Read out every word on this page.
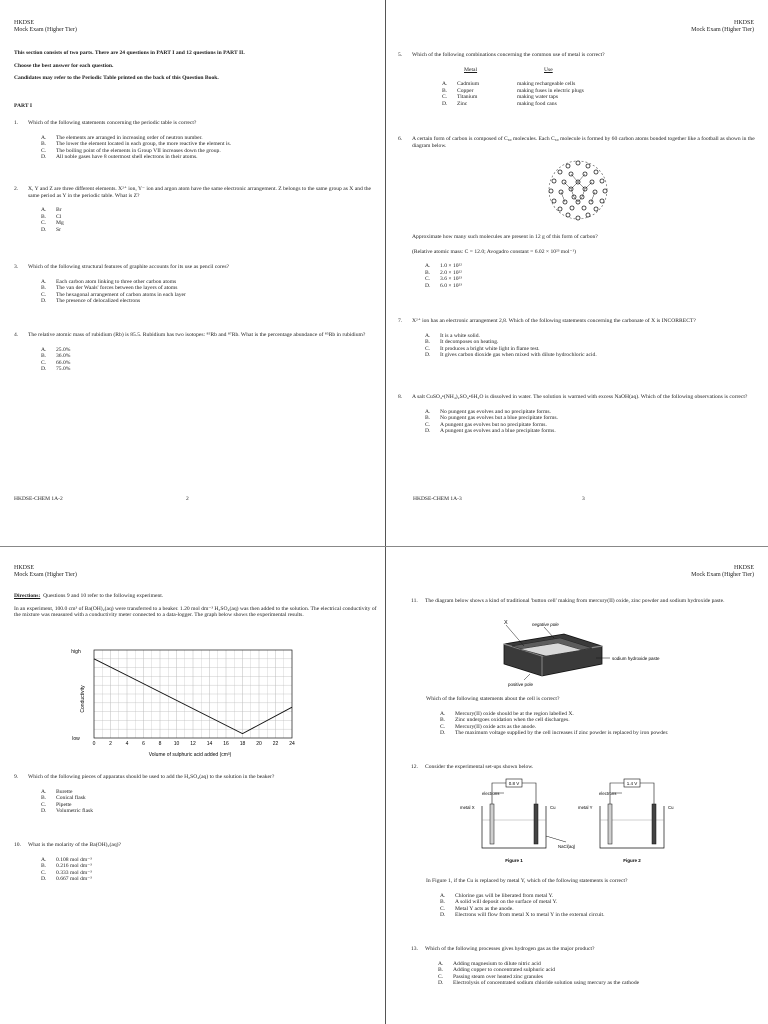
HKDSE
Mock Exam (Higher Tier)
This section consists of two parts. There are 24 questions in PART I and 12 questions in PART II.
Choose the best answer for each question.
Candidates may refer to the Periodic Table printed on the back of this Question Book.
PART I
1. Which of the following statements concerning the periodic table is correct?
A.	The elements are arranged in increasing order of neutron number.
B.	The lower the element located in each group, the more reactive the element is.
C.	The boiling point of the elements in Group VII increases down the group.
D.	All noble gases have 8 outermost shell electrons in their atoms.
2. X, Y and Z are three different elements. X²⁺ ion, Y⁻ ion and argon atom have the same electronic arrangement. Z belongs to the same group as X and the same period as Y in the periodic table. What is Z?
A.	Br
B.	Cl
C.	Mg
D.	Sr
3. Which of the following structural features of graphite accounts for its use as pencil cores?
A.	Each carbon atom linking to three other carbon atoms
B.	The van der Waals' forces between the layers of atoms
C.	The hexagonal arrangement of carbon atoms in each layer
D.	The presence of delocalized electrons
4. The relative atomic mass of rubidium (Rb) is 85.5. Rubidium has two isotopes: ⁸⁵Rb and ⁸⁷Rb. What is the percentage abundance of ⁸⁵Rb in rubidium?
A.	25.0%
B.	36.0%
C.	66.0%
D.	75.0%
HKDSE-CHEM 1A-2	2
HKDSE
Mock Exam (Higher Tier)
5. Which of the following combinations concerning the common use of metal is correct?
Metal	Use
A.	Cadmium	making rechargeable cells
B.	Copper	making fuses in electric plugs
C.	Titanium	making water taps
D.	Zinc	making food cans
6. A certain form of carbon is composed of C₆₀ molecules. Each C₆₀ molecule is formed by 60 carbon atoms bonded together like a football as shown in the diagram below.
Approximate how many such molecules are present in 12 g of this form of carbon?
(Relative atomic mass: C = 12.0; Avogadro constant = 6.02 × 10²³ mol⁻¹)
A.	1.0 × 10²²
B.	2.0 × 10²²
C.	3.6 × 10²³
D.	6.0 × 10²³
7. X²⁺ ion has an electronic arrangement 2,8. Which of the following statements concerning the carbonate of X is INCORRECT?
A.	It is a white solid.
B.	It decomposes on heating.
C.	It produces a bright white light in flame test.
D.	It gives carbon dioxide gas when mixed with dilute hydrochloric acid.
8. A salt CuSO₄•(NH₄)₂SO₄•6H₂O is dissolved in water. The solution is warmed with excess NaOH(aq). Which of the following observations is correct?
A.	No pungent gas evolves and no precipitate forms.
B.	No pungent gas evolves but a blue precipitate forms.
C.	A pungent gas evolves but no precipitate forms.
D.	A pungent gas evolves and a blue precipitate forms.
HKDSE-CHEM 1A-3	3
HKDSE
Mock Exam (Higher Tier)
Directions: Questions 9 and 10 refer to the following experiment.
In an experiment, 100.0 cm³ of Ba(OH)₂(aq) were transferred to a beaker. 1.20 mol dm⁻³ H₂SO₄(aq) was then added to the solution. The electrical conductivity of the mixture was measured with a conductivity meter connected to a data-logger. The graph below shows the experimental results.
0	2	4	6	8 10 12 14 16 18 20 22 24
high
low
Conductivity
Volume of sulphuric acid added (cm³)
9. Which of the following pieces of apparatus should be used to add the H₂SO₄(aq) to the solution in the beaker?
A.	Burette
B.	Conical flask
C.	Pipette
D.	Volumetric flask
10. What is the molarity of the Ba(OH)₂(aq)?
A.	0.108 mol dm⁻³
B.	0.216 mol dm⁻³
C.	0.333 mol dm⁻³
D.	0.667 mol dm⁻³
HKDSE
Mock Exam (Higher Tier)
11. The diagram below shows a kind of traditional 'button cell' making from mercury(II) oxide, zinc powder and sodium hydroxide paste.
X	negative pole
sodium hydroxide paste
positive pole
Which of the following statements about the cell is correct?
A.	Mercury(II) oxide should be at the region labelled X.
B.	Zinc undergoes oxidation when the cell discharges.
C.	Mercury(II) oxide acts as the anode.
D.	The maximum voltage supplied by the cell increases if zinc powder is replaced by iron powder.
12. Consider the experimental set-ups shown below.
0.8 V
electrons
metal X	Cu
Figure 1
1.4 V
electrons
metal Y	Cu
Figure 2
NaCl(aq)
In Figure 1, if the Cu is replaced by metal Y, which of the following statements is correct?
A.	Chlorine gas will be liberated from metal Y.
B.	A solid will deposit on the surface of metal Y.
C.	Metal Y acts as the anode.
D.	Electrons will flow from metal X to metal Y in the external circuit.
13. Which of the following processes gives hydrogen gas as the major product?
A.	Adding magnesium to dilute nitric acid
B.	Adding copper to concentrated sulphuric acid
C.	Passing steam over heated zinc granules
D.	Electrolysis of concentrated sodium chloride solution using mercury as the cathode
